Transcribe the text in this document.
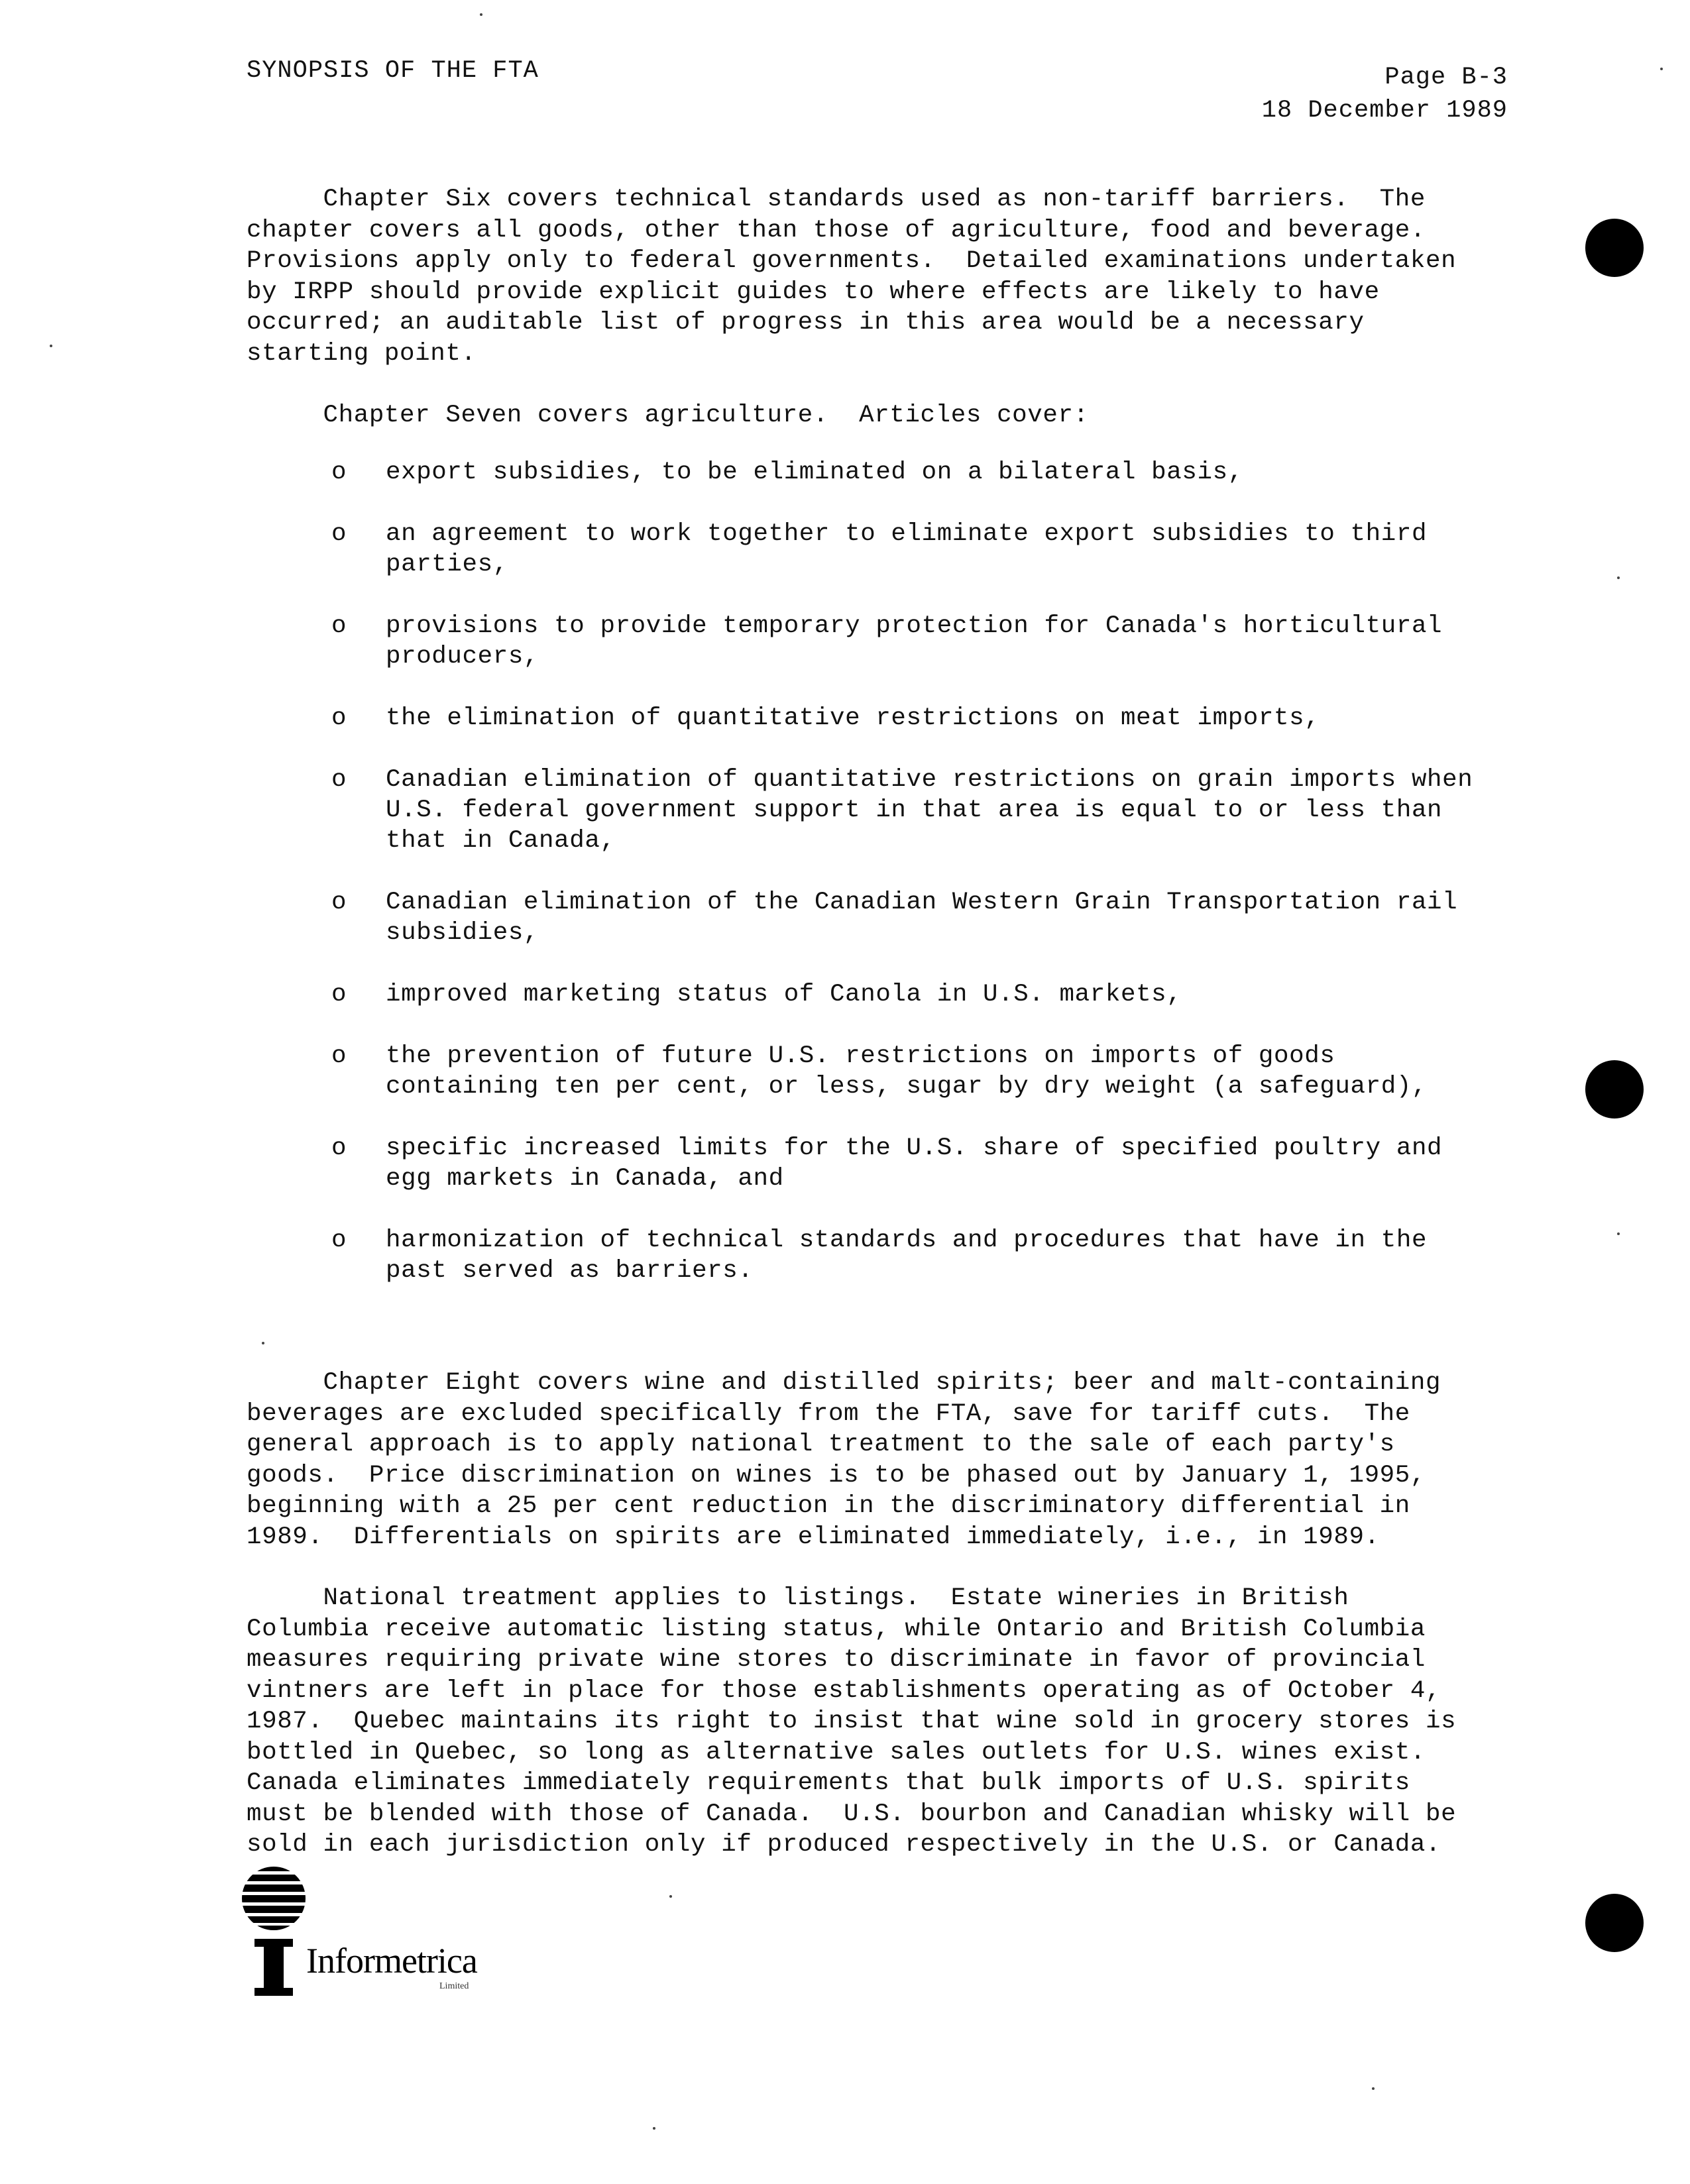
SYNOPSIS OF THE FTA	Page B-3
18 December 1989
Chapter Six covers technical standards used as non-tariff barriers.  The
chapter covers all goods, other than those of agriculture, food and beverage.
Provisions apply only to federal governments.  Detailed examinations undertaken
by IRPP should provide explicit guides to where effects are likely to have
occurred; an auditable list of progress in this area would be a necessary
starting point.
Chapter Seven covers agriculture.  Articles cover:
o export subsidies, to be eliminated on a bilateral basis,
o an agreement to work together to eliminate export subsidies to third
parties,
o provisions to provide temporary protection for Canada's horticultural
producers,
o the elimination of quantitative restrictions on meat imports,
o Canadian elimination of quantitative restrictions on grain imports when
U.S. federal government support in that area is equal to or less than
that in Canada,
o Canadian elimination of the Canadian Western Grain Transportation rail
subsidies,
o improved marketing status of Canola in U.S. markets,
o the prevention of future U.S. restrictions on imports of goods
containing ten per cent, or less, sugar by dry weight (a safeguard),
o specific increased limits for the U.S. share of specified poultry and
egg markets in Canada, and
o harmonization of technical standards and procedures that have in the
past served as barriers.
Chapter Eight covers wine and distilled spirits; beer and malt-containing
beverages are excluded specifically from the FTA, save for tariff cuts.  The
general approach is to apply national treatment to the sale of each party's
goods.  Price discrimination on wines is to be phased out by January 1, 1995,
beginning with a 25 per cent reduction in the discriminatory differential in
1989.  Differentials on spirits are eliminated immediately, i.e., in 1989.
National treatment applies to listings.  Estate wineries in British
Columbia receive automatic listing status, while Ontario and British Columbia
measures requiring private wine stores to discriminate in favor of provincial
vintners are left in place for those establishments operating as of October 4,
1987.  Quebec maintains its right to insist that wine sold in grocery stores is
bottled in Quebec, so long as alternative sales outlets for U.S. wines exist.
Canada eliminates immediately requirements that bulk imports of U.S. spirits
must be blended with those of Canada.  U.S. bourbon and Canadian whisky will be
sold in each jurisdiction only if produced respectively in the U.S. or Canada.
Informetrica
Limited
